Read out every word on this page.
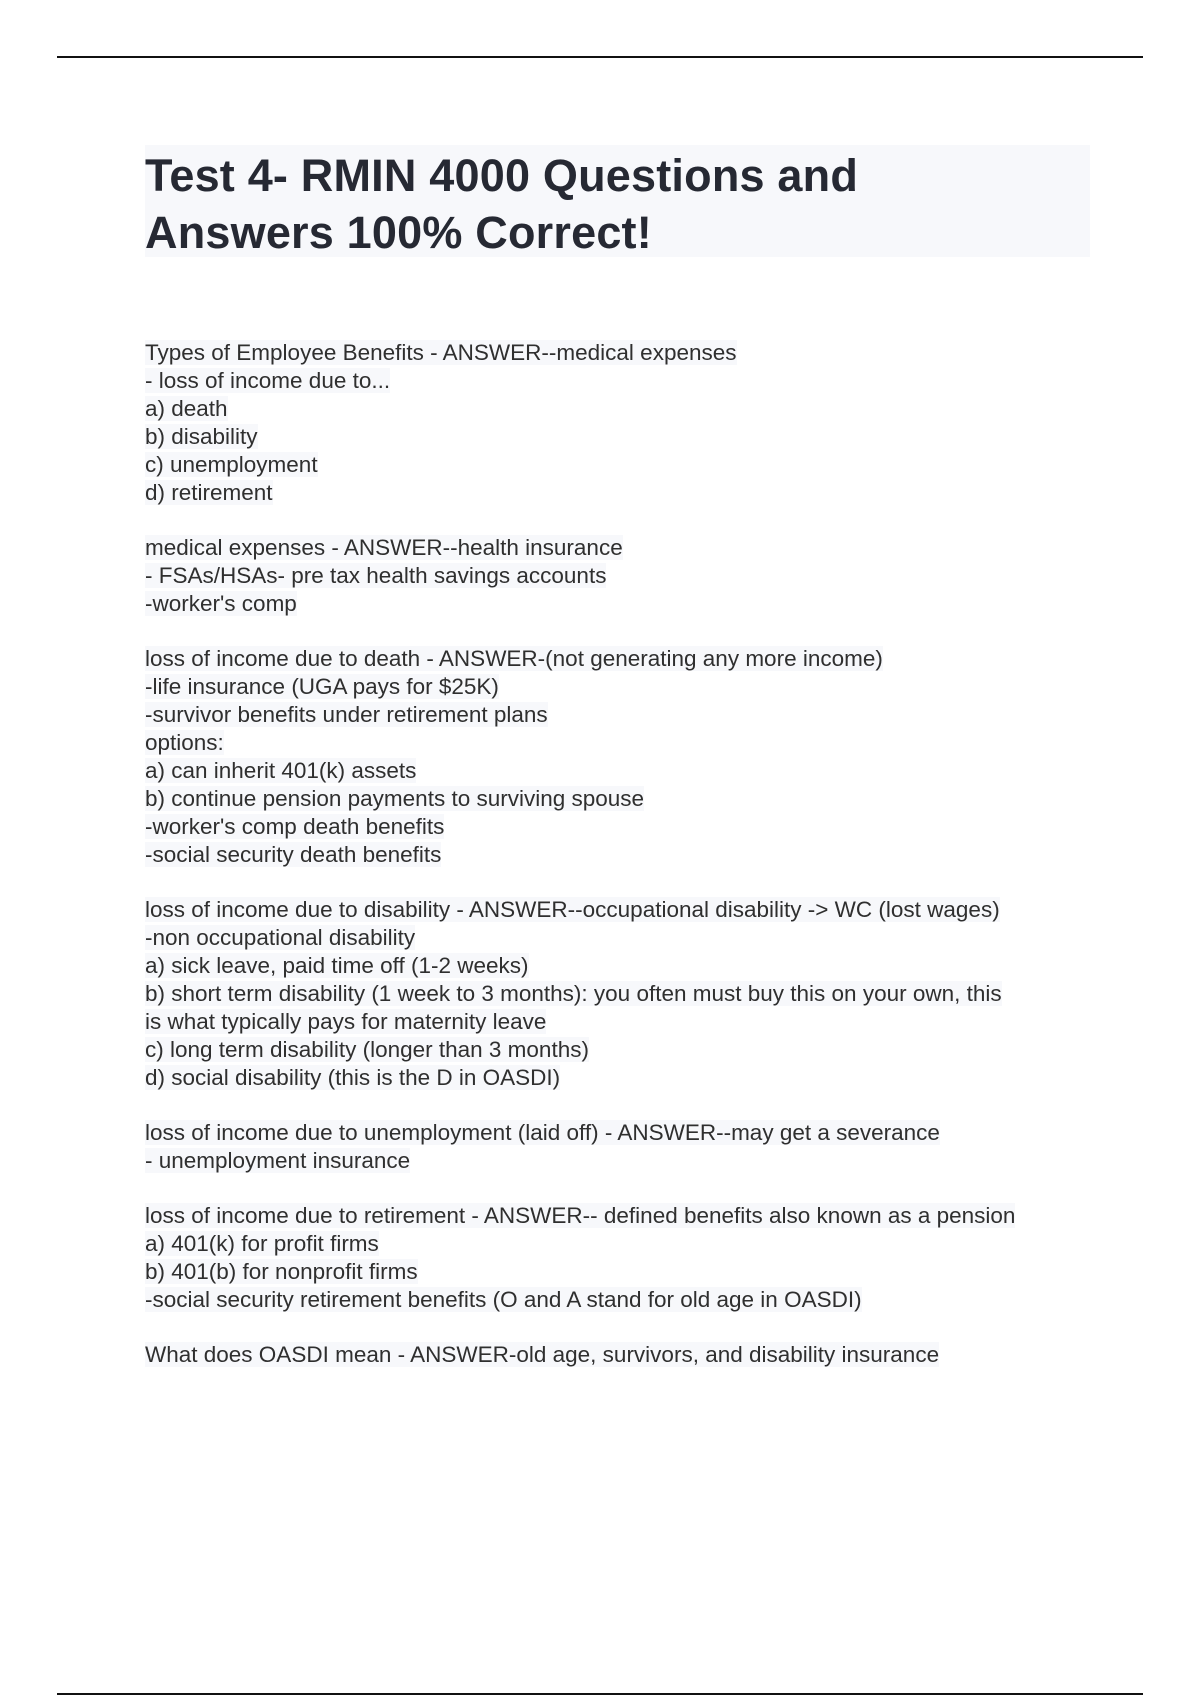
Test 4- RMIN 4000 Questions and
Answers 100% Correct!
Types of Employee Benefits - ANSWER--medical expenses
- loss of income due to...
a) death
b) disability
c) unemployment
d) retirement
medical expenses - ANSWER--health insurance
- FSAs/HSAs- pre tax health savings accounts
-worker's comp
loss of income due to death - ANSWER-(not generating any more income)
-life insurance (UGA pays for $25K)
-survivor benefits under retirement plans
options:
a) can inherit 401(k) assets
b) continue pension payments to surviving spouse
-worker's comp death benefits
-social security death benefits
loss of income due to disability - ANSWER--occupational disability -> WC (lost wages)
-non occupational disability
a) sick leave, paid time off (1-2 weeks)
b) short term disability (1 week to 3 months): you often must buy this on your own, this
is what typically pays for maternity leave
c) long term disability (longer than 3 months)
d) social disability (this is the D in OASDI)
loss of income due to unemployment (laid off) - ANSWER--may get a severance
- unemployment insurance
loss of income due to retirement - ANSWER-- defined benefits also known as a pension
a) 401(k) for profit firms
b) 401(b) for nonprofit firms
-social security retirement benefits (O and A stand for old age in OASDI)
What does OASDI mean - ANSWER-old age, survivors, and disability insurance
